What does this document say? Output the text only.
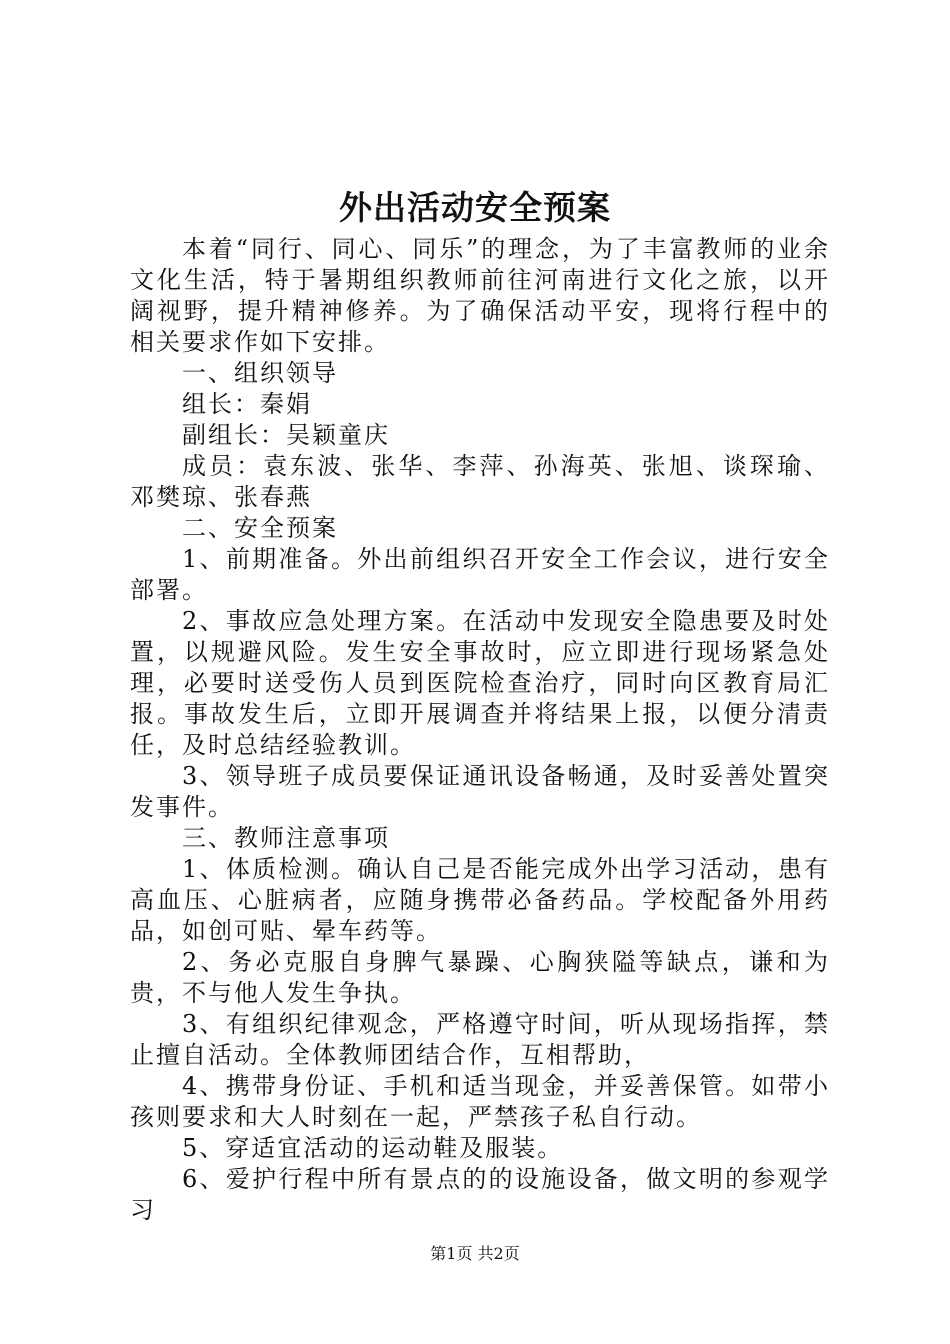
外出活动安全预案

本着“同行、同心、同乐”的理念，为了丰富教师的业余文化生活，特于暑期组织教师前往河南进行文化之旅，以开阔视野，提升精神修养。为了确保活动平安，现将行程中的相关要求作如下安排。

一、组织领导

组长：秦娟

副组长：吴颖童庆

成员：袁东波、张华、李萍、孙海英、张旭、谈琛瑜、邓樊琼、张春燕

二、安全预案

1、前期准备。外出前组织召开安全工作会议，进行安全部署。

2、事故应急处理方案。在活动中发现安全隐患要及时处置，以规避风险。发生安全事故时，应立即进行现场紧急处理，必要时送受伤人员到医院检查治疗，同时向区教育局汇报。事故发生后，立即开展调查并将结果上报，以便分清责任，及时总结经验教训。

3、领导班子成员要保证通讯设备畅通，及时妥善处置突发事件。

三、教师注意事项

1、体质检测。确认自己是否能完成外出学习活动，患有高血压、心脏病者，应随身携带必备药品。学校配备外用药品，如创可贴、晕车药等。

2、务必克服自身脾气暴躁、心胸狭隘等缺点，谦和为贵，不与他人发生争执。

3、有组织纪律观念，严格遵守时间，听从现场指挥，禁止擅自活动。全体教师团结合作，互相帮助，

4、携带身份证、手机和适当现金，并妥善保管。如带小孩则要求和大人时刻在一起，严禁孩子私自行动。

5、穿适宜活动的运动鞋及服装。

6、爱护行程中所有景点的的设施设备，做文明的参观学习

第1页 共2页
